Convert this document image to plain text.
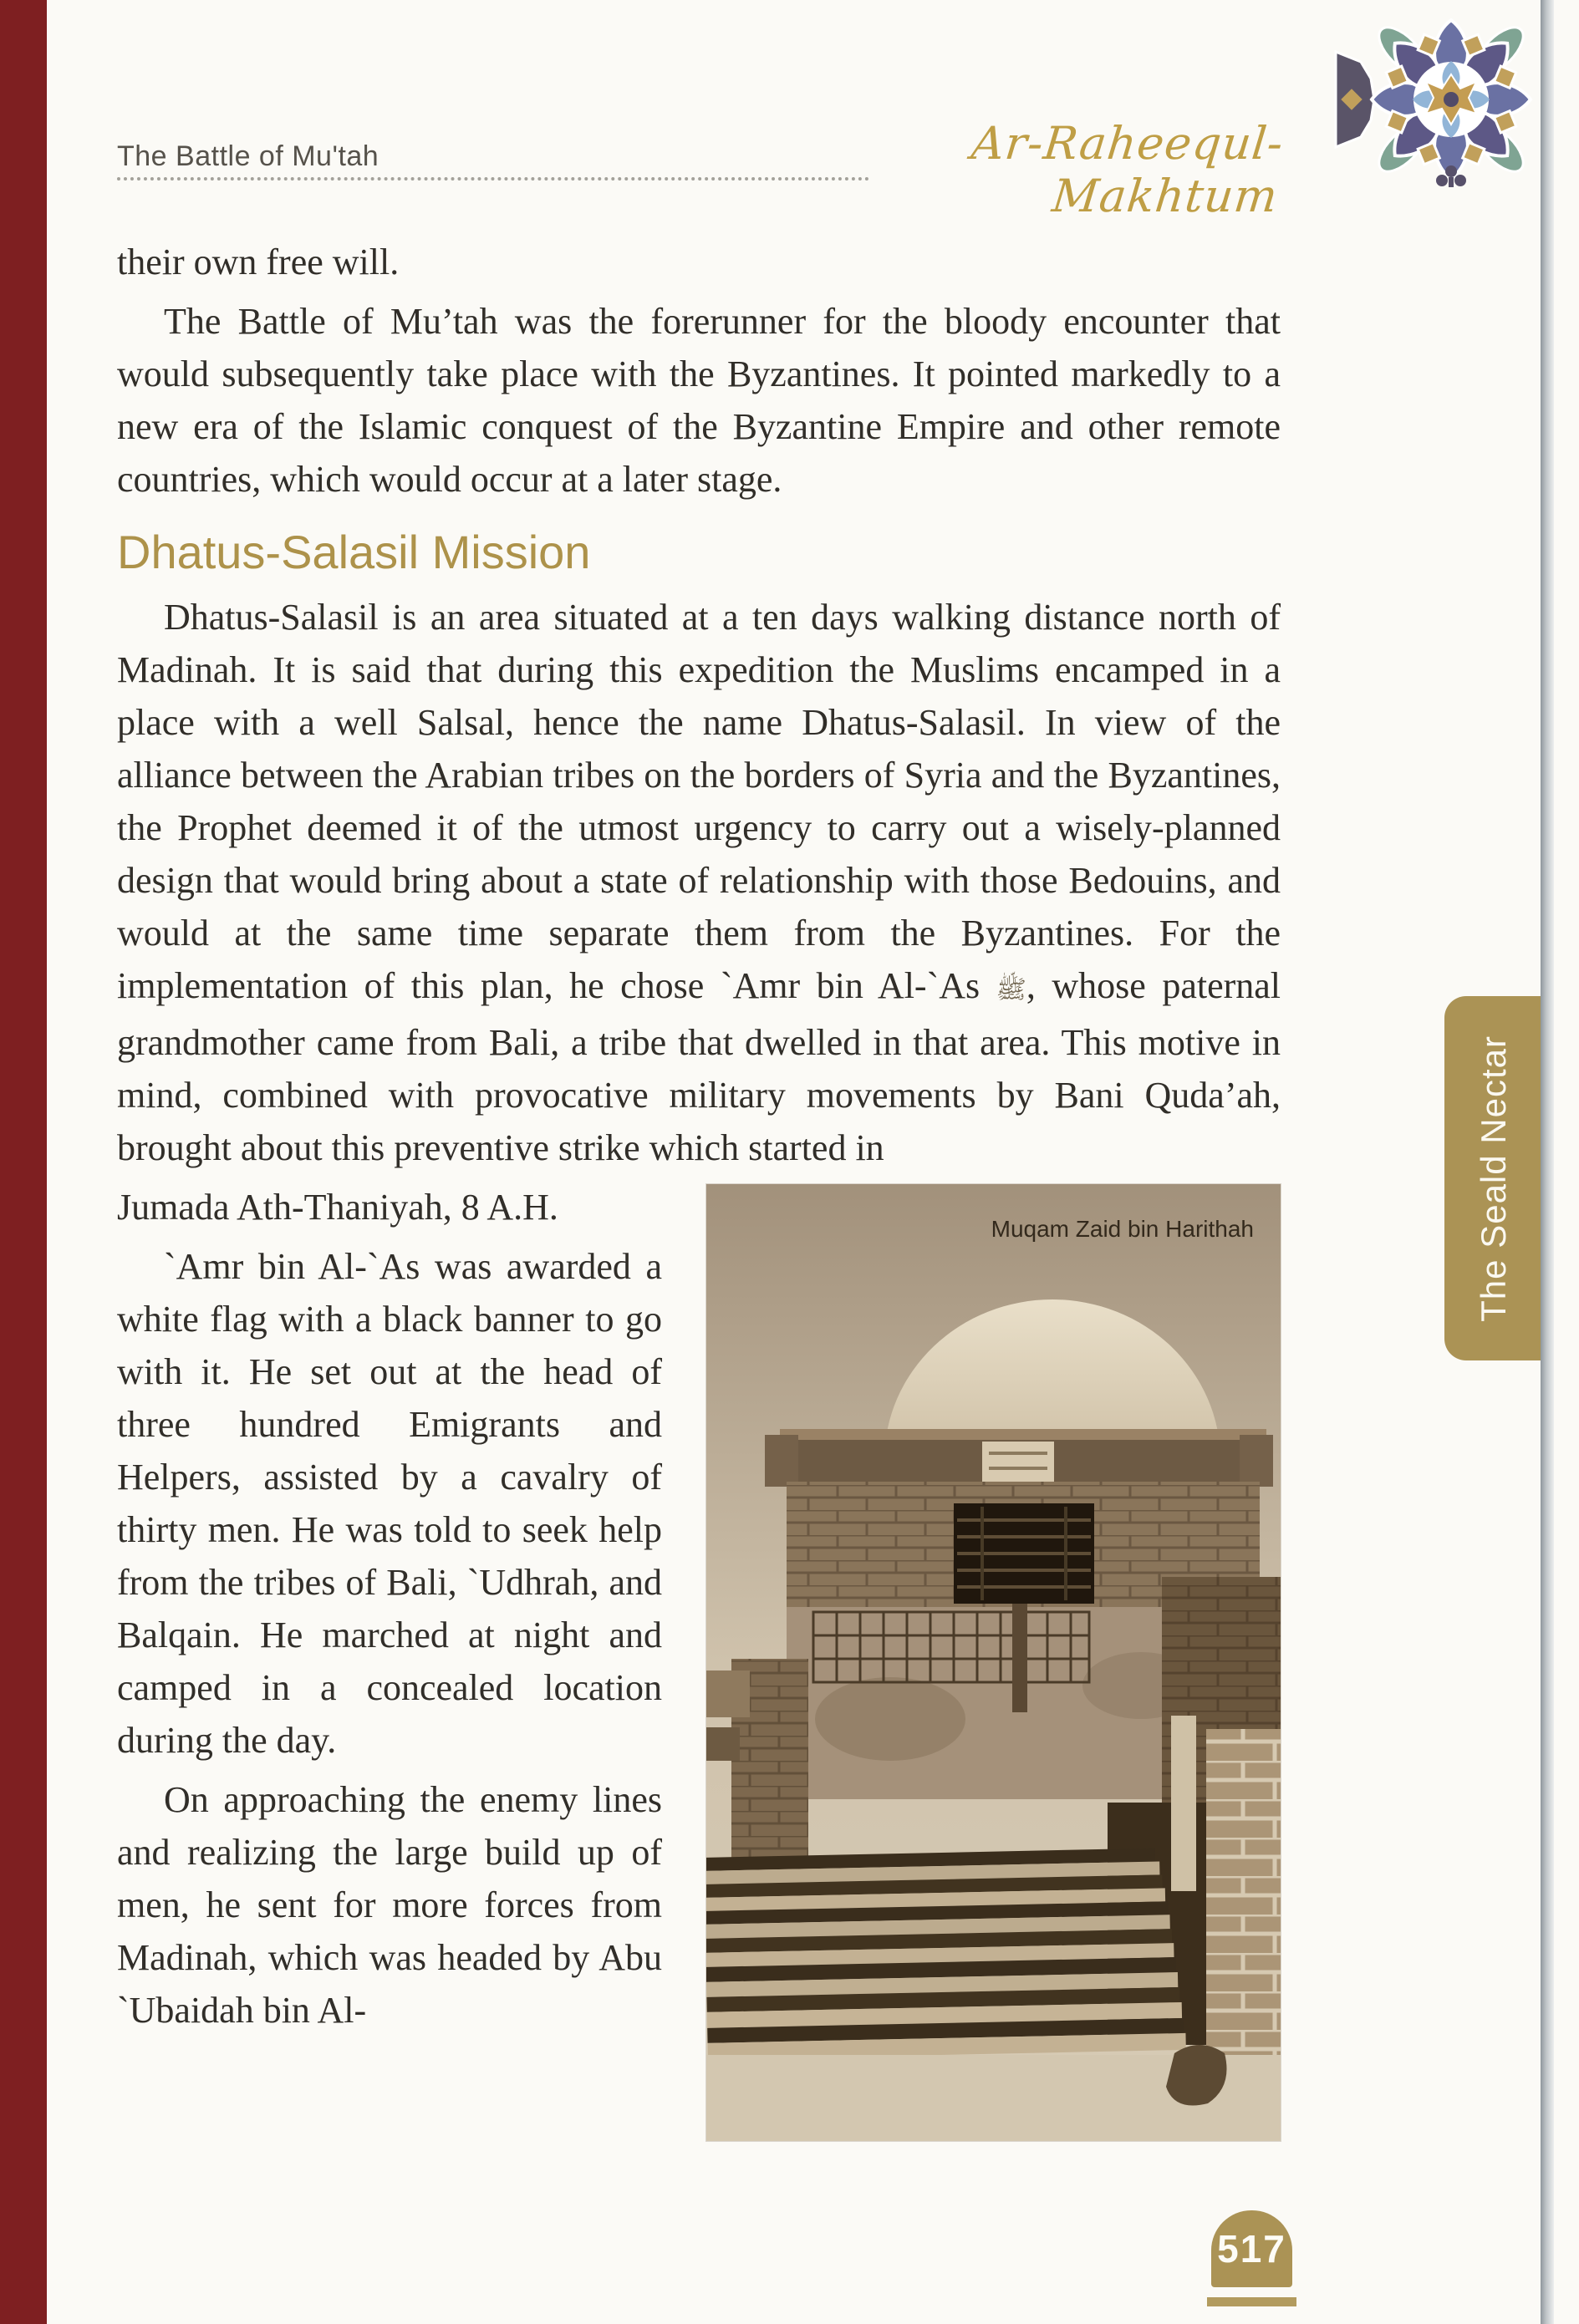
The Battle of Mu'tah	Ar-Raheequl-Makhtum

their own free will.

The Battle of Mu’tah was the forerunner for the bloody encounter that would subsequently take place with the Byzantines. It pointed markedly to a new era of the Islamic conquest of the Byzantine Empire and other remote countries, which would occur at a later stage.

Dhatus-Salasil Mission

Dhatus-Salasil is an area situated at a ten days walking distance north of Madinah. It is said that during this expedition the Muslims encamped in a place with a well Salsal, hence the name Dhatus-Salasil. In view of the alliance between the Arabian tribes on the borders of Syria and the Byzantines, the Prophet deemed it of the utmost urgency to carry out a wisely-planned design that would bring about a state of relationship with those Bedouins, and would at the same time separate them from the Byzantines. For the implementation of this plan, he chose `Amr bin Al-`As ﷺ, whose paternal grandmother came from Bali, a tribe that dwelled in that area. This motive in mind, combined with provocative military movements by Bani Quda’ah, brought about this preventive strike which started in

Muqam Zaid bin Harithah

Jumada Ath-Thaniyah, 8 A.H.

`Amr bin Al-`As was awarded a white flag with a black banner to go with it. He set out at the head of three hundred Emigrants and Helpers, assisted by a cavalry of thirty men. He was told to seek help from the tribes of Bali, `Udhrah, and Balqain. He marched at night and camped in a concealed location during the day.

On approaching the enemy lines and realizing the large build up of men, he sent for more forces from Madinah, which was headed by Abu `Ubaidah bin Al-

The Seald Nectar
517
